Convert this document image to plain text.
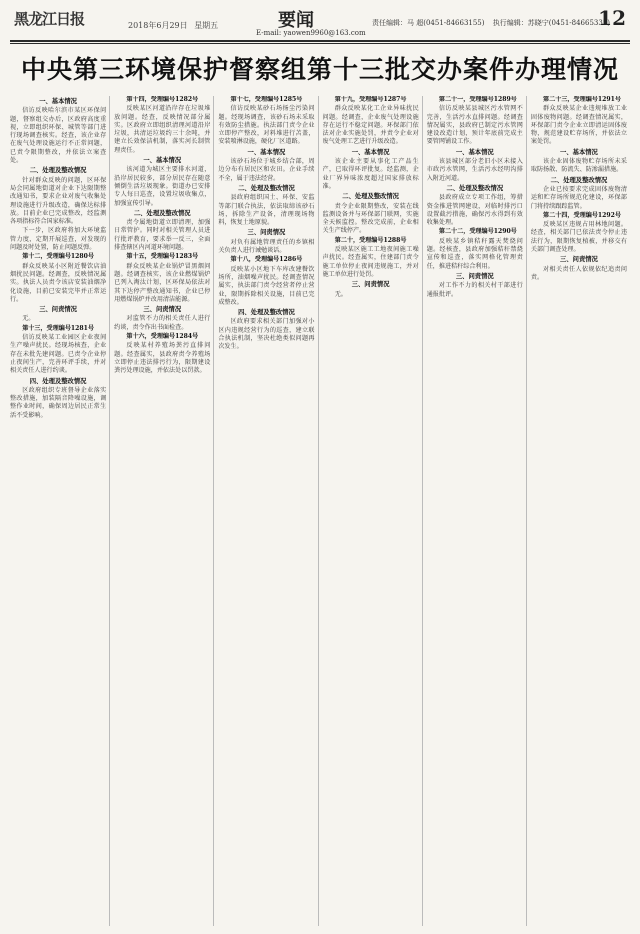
黑龙江日报	2018年6月29日 星期五	要闻
E-mail: yaowen9960@163.com
责任编辑：马 超(0451-84663155) 执行编辑：苏晓宁(0451-84665335)
12
中央第三环境保护督察组第十三批交办案件办理情况
一、基本情况

信访反映哈尔滨市某区环保问题，督察组交办后，区政府高度重视，立即组织环保、城管等部门进行现场调查核实。经查，该企业存在废气处理设施运行不正常问题，已责令限期整改，并依法立案查处。

二、处理及整改情况

针对群众反映的问题，区环保局会同属地街道对企业下达限期整改通知书，要求企业对废气收集处理设施进行升级改造，确保达标排放。目前企业已完成整改，经监测各项指标符合国家标准。

下一步，区政府将加大环境监管力度，定期开展巡查，对发现的问题及时处置，防止问题反弹。

第十二，受理编号1280号

群众反映某小区附近餐饮店油烟扰民问题。经调查，反映情况属实。执法人员责令该店安装油烟净化设施，目前已安装完毕并正常运行。

三、问责情况

无。

第十三，受理编号1281号

信访反映某工业园区企业夜间生产噪声扰民。经现场核查，企业存在未批先建问题。已责令企业停止夜间生产，完善环评手续，并对相关责任人进行约谈。

四、处理及整改情况

区政府组织专班督导企业落实整改措施，加装隔音降噪设施，调整作业时间，确保周边居民正常生活不受影响。

第十四，受理编号1282号

反映某区河道沿岸存在垃圾堆放问题。经查，反映情况部分属实。区政府立即组织清理河道沿岸垃圾，共清运垃圾约三十余吨，并建立长效保洁机制，落实河长制管理责任。

一、基本情况

该河道为城区主要排水河道，沿岸居民较多，部分居民存在随意倾倒生活垃圾现象。街道办已安排专人每日巡查，设置垃圾收集点，加强宣传引导。

二、处理及整改情况

责令属地街道立即清理，加强日常管护。同时对相关管理人员进行批评教育，要求举一反三，全面排查辖区内河道环境问题。

第十五，受理编号1283号

群众反映某企业锅炉冒黑烟问题。经调查核实，该企业燃煤锅炉已列入淘汰计划，区环保局依法对其下达停产整改通知书，企业已停用燃煤锅炉并改用清洁能源。

三、问责情况

对监管不力的相关责任人进行约谈，责令作出书面检查。

第十六，受理编号1284号

反映某村养殖场粪污直排问题。经查属实，县政府责令养殖场立即停止违法排污行为，限期建设粪污处理设施，并依法处以罚款。

第十七，受理编号1285号

信访反映某砂石场扬尘污染问题。经现场调查，该砂石场未采取有效防尘措施。执法部门责令企业立即停产整改，对料堆进行苫盖，安装喷淋设施，硬化厂区道路。

一、基本情况

该砂石场位于城乡结合部，周边分布有居民区和农田。企业手续不全，属于违法经营。

二、处理及整改情况

县政府组织国土、环保、安监等部门联合执法，依法取缔该砂石场，拆除生产设备，清理现场物料，恢复土地原貌。

三、问责情况

对负有属地管理责任的乡镇相关负责人进行诫勉谈话。

第十八，受理编号1286号

反映某小区地下车库改建餐饮场所，油烟噪声扰民。经调查情况属实，执法部门责令经营者停止营业，限期拆除相关设施，目前已完成整改。

四、处理及整改情况

区政府要求相关部门加强对小区内违规经营行为的巡查，建立联合执法机制，坚决杜绝类似问题再次发生。

第十九，受理编号1287号

群众反映某化工企业异味扰民问题。经调查，企业废气处理设施存在运行不稳定问题。环保部门依法对企业实施处罚，并责令企业对废气处理工艺进行升级改造。

一、基本情况

该企业主要从事化工产品生产，已取得环评批复。经监测，企业厂界异味浓度超过国家排放标准。

二、处理及整改情况

责令企业限期整改，安装在线监测设备并与环保部门联网，实施全天候监控。整改完成前，企业相关生产线停产。

第二十，受理编号1288号

反映某区施工工地夜间施工噪声扰民。经查属实，住建部门责令施工单位停止夜间违规施工，并对施工单位进行处罚。

三、问责情况

无。

第二十一，受理编号1289号

信访反映某县城区污水管网不完善，生活污水直排问题。经调查情况属实，县政府已制定污水管网建设改造计划，预计年底前完成主要管网铺设工作。

一、基本情况

该县城区部分老旧小区未接入市政污水管网，生活污水经明沟排入附近河道。

二、处理及整改情况

县政府成立专项工作组，筹措资金推进管网建设，对临时排污口设置截污措施，确保污水得到有效收集处理。

第二十二，受理编号1290号

反映某乡镇秸秆露天焚烧问题。经核查，县政府加强秸秆禁烧宣传和巡查，落实网格化管理责任，推进秸秆综合利用。

三、问责情况

对工作不力的相关村干部进行通报批评。

第二十三，受理编号1291号

群众反映某企业违规堆放工业固体废物问题。经调查情况属实，环保部门责令企业立即清运固体废物，规范建设贮存场所，并依法立案处罚。

一、基本情况

该企业固体废物贮存场所未采取防扬散、防流失、防渗漏措施。

二、处理及整改情况

企业已按要求完成固体废物清运和贮存场所规范化建设，环保部门将持续跟踪监管。

第二十四，受理编号1292号

反映某区违规占用林地问题。经查，相关部门已依法责令停止违法行为，限期恢复植被，并移交有关部门调查处理。

三、问责情况

对相关责任人依规依纪追责问责。
